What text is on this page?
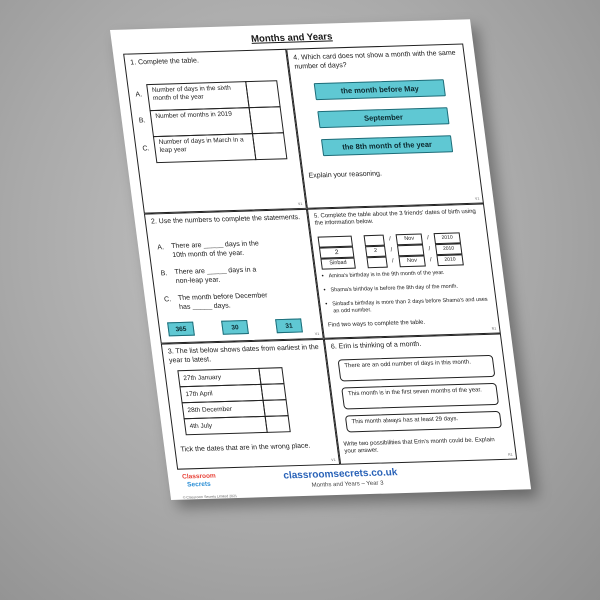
Months and Years
1. Complete the table.
A.
B.
C.
Number of days in the sixth month of the year
Number of months in 2019
Number of days in March in a leap year
V1
4. Which card does not show a month with the same number of days?
the month before May
September
the 8th month of the year
Explain your reasoning.
V1
2. Use the numbers to complete the statements.
A. There are _____ days in the
10th month of the year.
B. There are _____ days in a
non-leap year.
C. The month before December
has _____ days.
365	30	31
V1
5. Complete the table about the 3 friends' dates of birth using the information below.
2
Sinbad
2
/
/
/
Nov
Nov
/
/
/
2010
2010
2010
• Amina's birthday is in the 9th month of the year.
• Shama's birthday is before the 8th day of the month.
• Sinbad's birthday is more than 2 days before Shama's and uses an odd number.
Find two ways to complete the table.
R1
3. The list below shows dates from earliest in the year to latest.
27th January
17th April
28th December
4th July
Tick the dates that are in the wrong place.
V1
6. Erin is thinking of a month.
There are an odd number of days in this month.
This month is in the first seven months of the year.
This month always has at least 29 days.
Write two possibilities that Erin's month could be. Explain your answer.
R1
Classroom
Secrets
© Classroom Secrets Limited 2021
classroomsecrets.co.uk
Months and Years – Year 3
